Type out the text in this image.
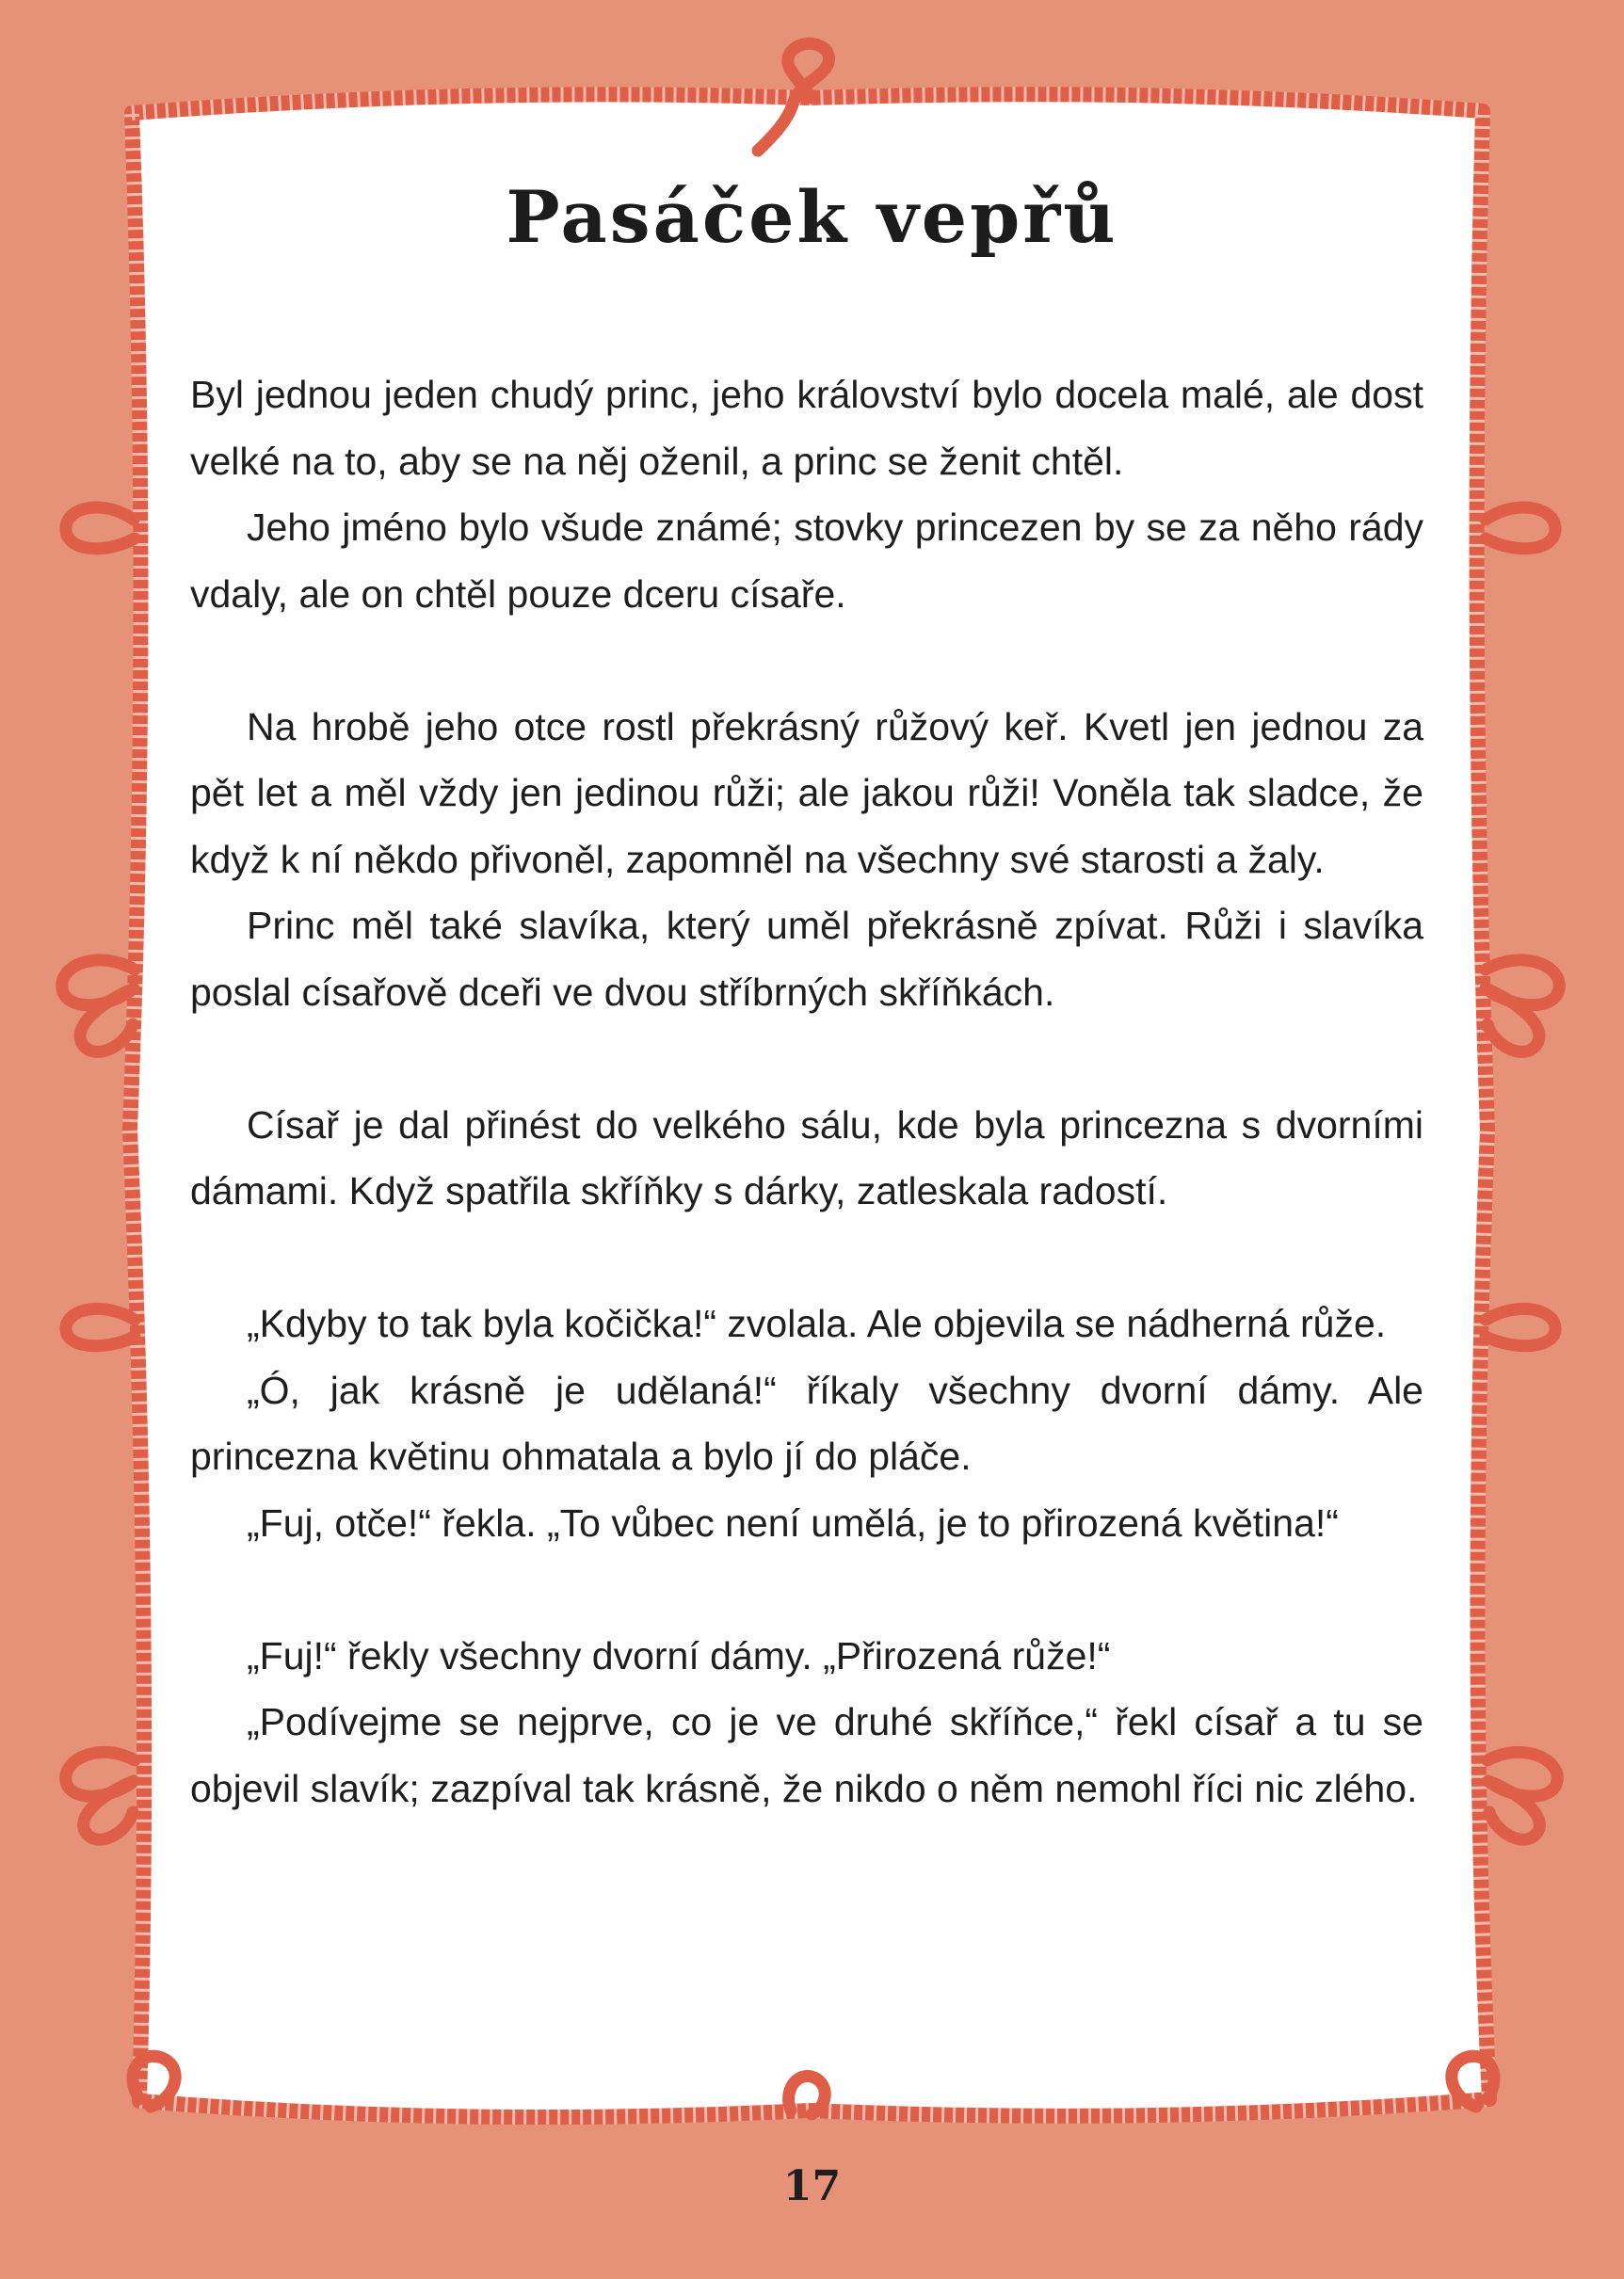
Pasáček vepřů

Byl jednou jeden chudý princ, jeho království bylo docela malé, ale dost velké na to, aby se na něj oženil, a princ se ženit chtěl.

Jeho jméno bylo všude známé; stovky princezen by se za něho rády vdaly, ale on chtěl pouze dceru císaře.

Na hrobě jeho otce rostl překrásný růžový keř. Kvetl jen jednou za pět let a měl vždy jen jedinou růži; ale jakou růži! Voněla tak sladce, že když k ní někdo přivoněl, zapomněl na všechny své starosti a žaly.

Princ měl také slavíka, který uměl překrásně zpívat. Růži i slavíka poslal císařově dceři ve dvou stříbrných skříňkách.

Císař je dal přinést do velkého sálu, kde byla princezna s dvorními dámami. Když spatřila skříňky s dárky, zatleskala radostí.

„Kdyby to tak byla kočička!“ zvolala. Ale objevila se nádherná růže.

„Ó, jak krásně je udělaná!“ říkaly všechny dvorní dámy. Ale princezna květinu ohmatala a bylo jí do pláče.

„Fuj, otče!“ řekla. „To vůbec není umělá, je to přirozená květina!“

„Fuj!“ řekly všechny dvorní dámy. „Přirozená růže!“

„Podívejme se nejprve, co je ve druhé skříňce,“ řekl císař a tu se objevil slavík; zazpíval tak krásně, že nikdo o něm nemohl říci nic zlého.

17
